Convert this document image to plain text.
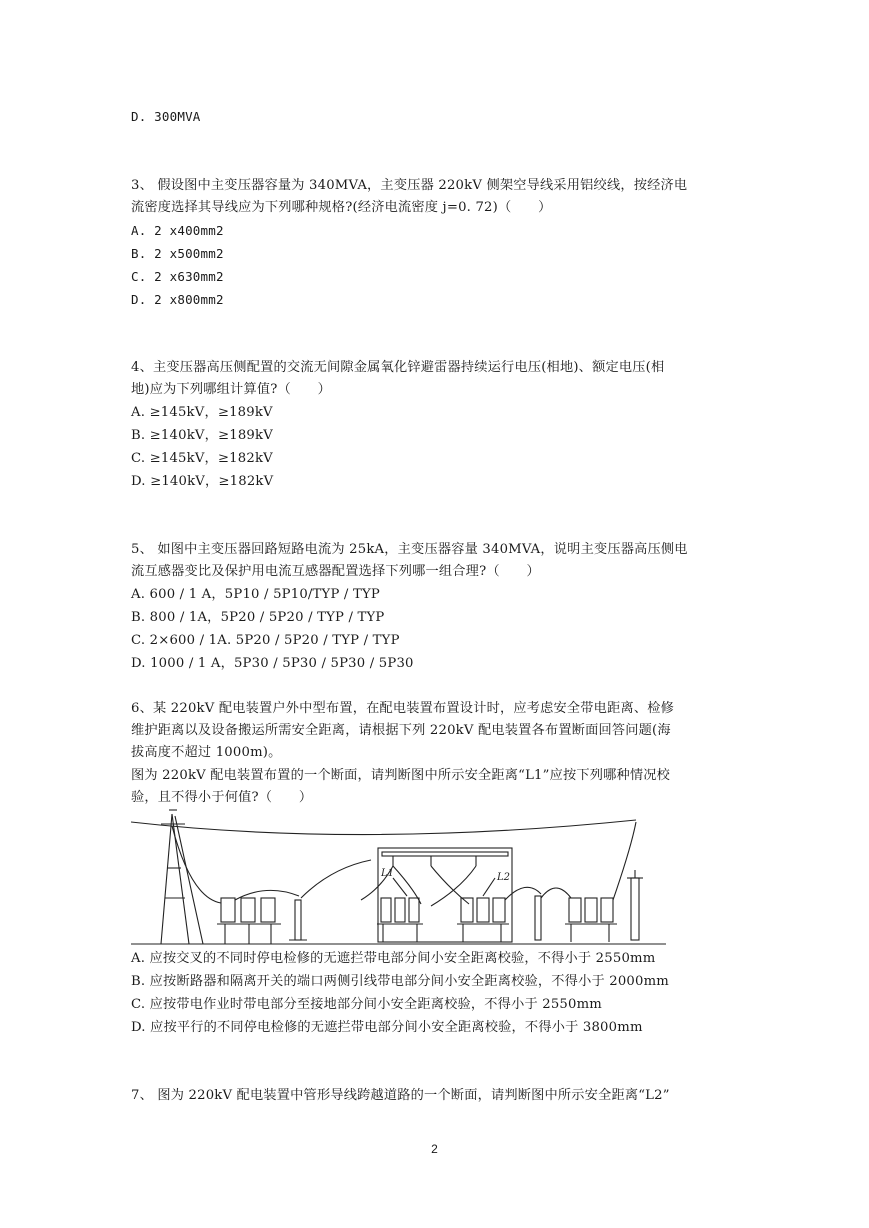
D. 300MVA
3、 假设图中主变压器容量为 340MVA，主变压器 220kV 侧架空导线采用铝绞线，按经济电
流密度选择其导线应为下列哪种规格?(经济电流密度 j=0. 72)（　　）
A. 2 x400mm2
B. 2 x500mm2
C. 2 x630mm2
D. 2 x800mm2
4、主变压器高压侧配置的交流无间隙金属氧化锌避雷器持续运行电压(相地)、额定电压(相
地)应为下列哪组计算值?（　　）
A. ≥145kV，≥189kV
B. ≥140kV，≥189kV
C. ≥145kV，≥182kV
D. ≥140kV，≥182kV
5、 如图中主变压器回路短路电流为 25kA，主变压器容量 340MVA，说明主变压器高压侧电
流互感器变比及保护用电流互感器配置选择下列哪一组合理?（　　）
A. 600 / 1 A，5P10 / 5P10/TYP / TYP
B. 800 / 1A，5P20 / 5P20 / TYP / TYP
C. 2×600 / 1A. 5P20 / 5P20 / TYP / TYP
D. 1000 / 1 A，5P30 / 5P30 / 5P30 / 5P30
6、某 220kV 配电装置户外中型布置，在配电装置布置设计时，应考虑安全带电距离、检修
维护距离以及设备搬运所需安全距离，请根据下列 220kV 配电装置各布置断面回答问题(海
拔高度不超过 1000m)。
图为 220kV 配电装置布置的一个断面，请判断图中所示安全距离“L1”应按下列哪种情况校
验，且不得小于何值?（　　）
L1	L2
A. 应按交叉的不同时停电检修的无遮拦带电部分间小安全距离校验，不得小于 2550mm
B. 应按断路器和隔离开关的端口两侧引线带电部分间小安全距离校验，不得小于 2000mm
C. 应按带电作业时带电部分至接地部分间小安全距离校验，不得小于 2550mm
D. 应按平行的不同停电检修的无遮拦带电部分间小安全距离校验，不得小于 3800mm
7、 图为 220kV 配电装置中管形导线跨越道路的一个断面，请判断图中所示安全距离“L2”
2
